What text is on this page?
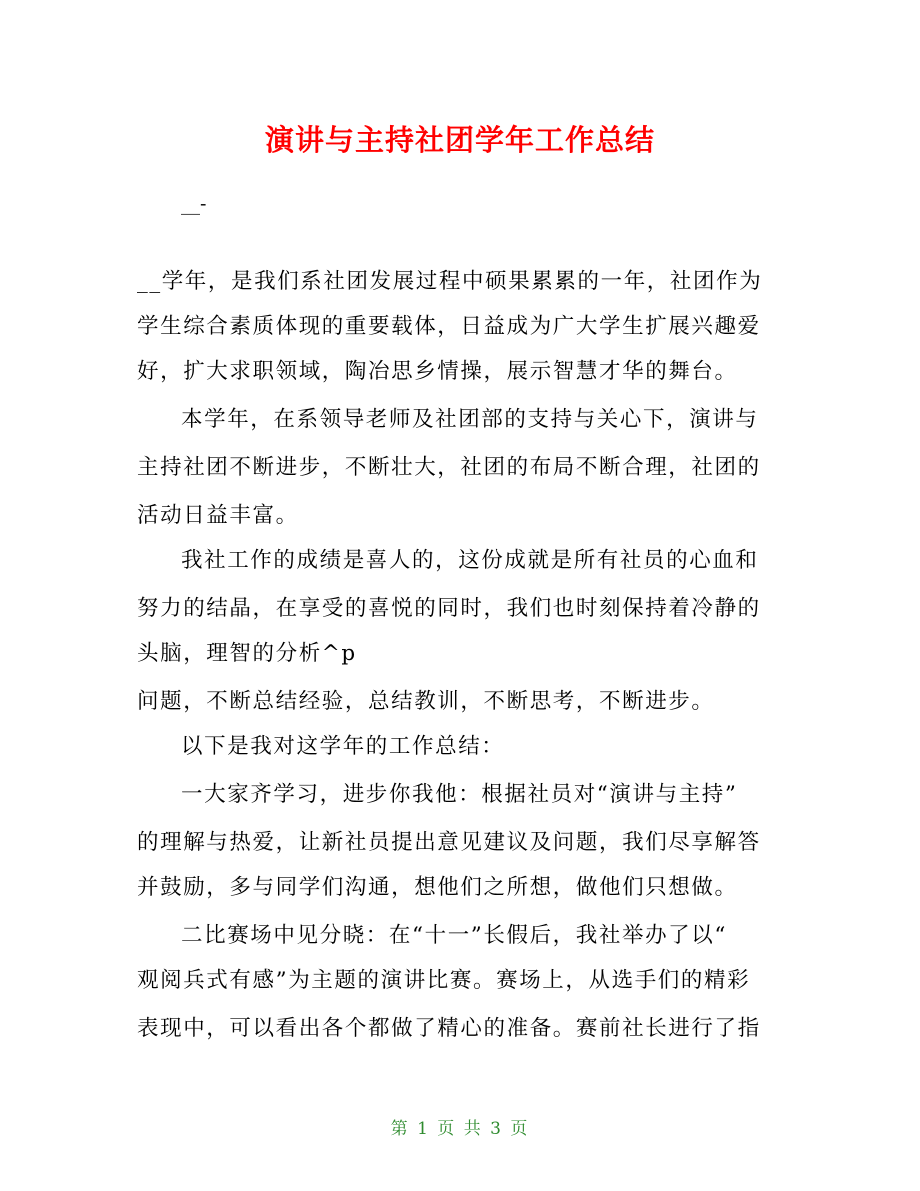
演讲与主持社团学年工作总结
__-
__学年，是我们系社团发展过程中硕果累累的一年，社团作为
学生综合素质体现的重要载体，日益成为广大学生扩展兴趣爱
好，扩大求职领域，陶冶思乡情操，展示智慧才华的舞台。
本学年，在系领导老师及社团部的支持与关心下，演讲与
主持社团不断进步，不断壮大，社团的布局不断合理，社团的
活动日益丰富。
我社工作的成绩是喜人的，这份成就是所有社员的心血和
努力的结晶，在享受的喜悦的同时，我们也时刻保持着冷静的
头脑，理智的分析^p
问题，不断总结经验，总结教训，不断思考，不断进步。
以下是我对这学年的工作总结：
一大家齐学习，进步你我他：根据社员对“演讲与主持”
的理解与热爱，让新社员提出意见建议及问题，我们尽享解答
并鼓励，多与同学们沟通，想他们之所想，做他们只想做。
二比赛场中见分晓：在“十一”长假后，我社举办了以“
观阅兵式有感”为主题的演讲比赛。赛场上，从选手们的精彩
表现中，可以看出各个都做了精心的准备。赛前社长进行了指
第 1 页 共 3 页
